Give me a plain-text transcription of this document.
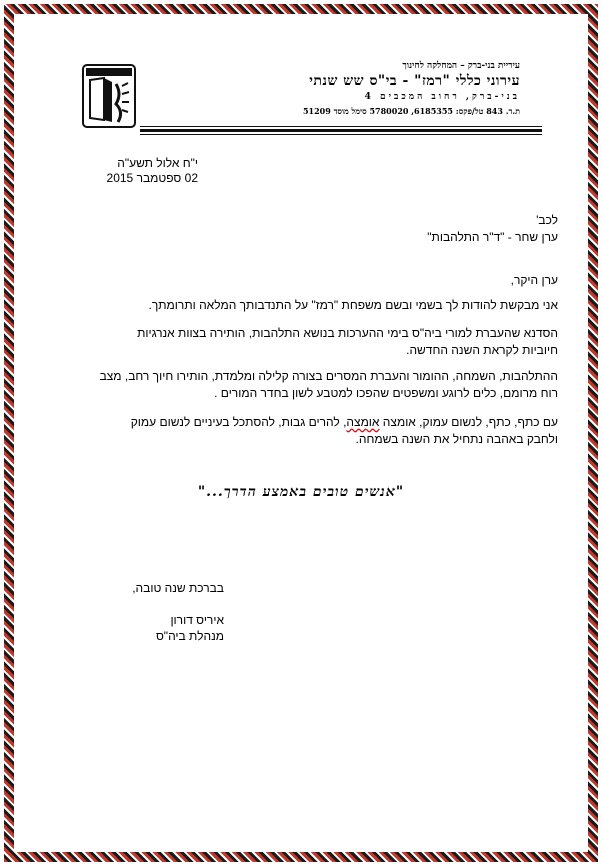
עיריית בני-ברק – המחלקה לחינוך
עירוני כללי "רמז" - בי"ס שש שנתי
בני-ברק, רחוב המכבים 4
ת.ד. 843 טל/פקס: 6185355, 5780020 סימל מוסד 51209
י"ח אלול תשע"ה
02 ספטמבר 2015
לכב'
ערן שחר - "ד"ר התלהבות"
ערן היקר,
אני מבקשת להודות לך בשמי ובשם משפחת "רמז" על התנדבותך המלאה ותרומתך.
הסדנא שהעברת למורי ביה"ס בימי ההערכות בנושא התלהבות, הותירה בצוות אנרגיות חיוביות לקראת השנה החדשה.
ההתלהבות, השמחה, ההומור והעברת המסרים בצורה קלילה ומלמדת, הותירו חיוך רחב, מצב רוח מרומם, כלים לרוגע ומשפטים שהפכו למטבע לשון בחדר המורים .
עם כתף, כתף, לנשום עמוק, אומצה אומצה, להרים גבות, להסתכל בעיניים לנשום עמוק ולחבק באהבה נתחיל את השנה בשמחה.
"אנשים טובים באמצע הדרך..."
בברכת שנה טובה,
איריס דורון
מנהלת ביה"ס
